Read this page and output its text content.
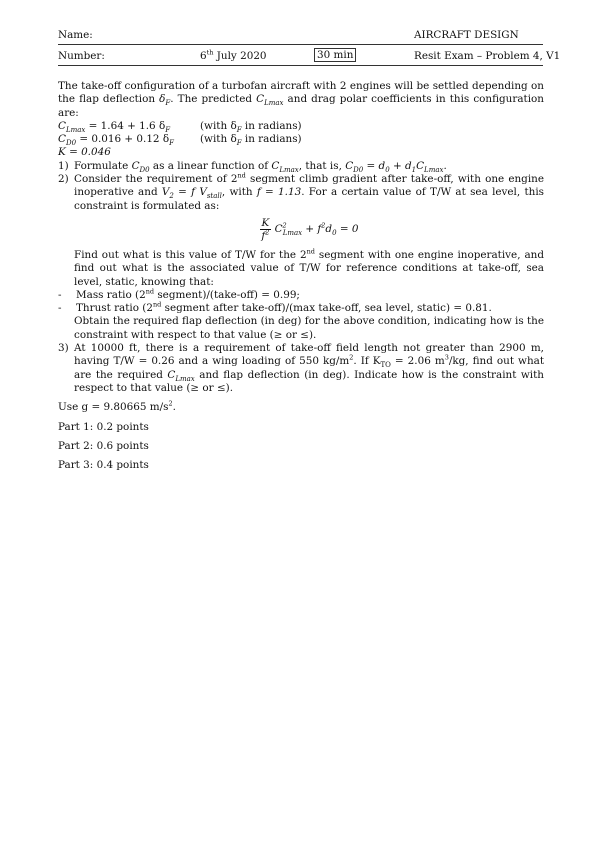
Name:	AIRCRAFT DESIGN
Number:	6th July 2020	30 min	Resit Exam – Problem 4, V1

The take-off configuration of a turbofan aircraft with 2 engines will be settled depending on the flap deflection $\delta_F$. The predicted $C_{Lmax}$ and drag polar coefficients in this configuration are:

$C_{Lmax} = 1.64 + 1.6$ $\delta_F$	(with $\delta_F$ in radians)
$C_{D0} = 0.016 + 0.12$ $\delta_F$	(with $\delta_F$ in radians)
K = 0.046
1) Formulate $C_{D0}$ as a linear function of $C_{Lmax}$, that is, $C_{D0} = d_0 + d_1C_{Lmax}$.
2) Consider the requirement of 2nd segment climb gradient after take-off, with one engine inoperative and $V_2 = f$ $V_{stall}$, with f = 1.13. For a certain value of T/W at sea level, this constraint is formulated as:

$\frac{K}{f^2} C^2_{Lmax} + f^2d_0 = 0$

Find out what is this value of T/W for the 2nd segment with one engine inoperative, and find out what is the associated value of T/W for reference conditions at take-off, sea level, static, knowing that:

-	Mass ratio (2nd segment)/(take-off) = 0.99;
-	Thrust ratio (2nd segment after take-off)/(max take-off, sea level, static) = 0.81.

Obtain the required flap deflection (in deg) for the above condition, indicating how is the constraint with respect to that value (≥ or ≤).

3) At 10000 ft, there is a requirement of take-off field length not greater than 2900 m, having T/W = 0.26 and a wing loading of 550 $kg/m^2$. If $K_{TO} = 2.06$ $m^3/kg$, find out what are the required $C_{Lmax}$ and flap deflection (in deg). Indicate how is the constraint with respect to that value (≥ or ≤).

Use g = 9.80665 $m/s^2$.

Part 1: 0.2 points

Part 2: 0.6 points

Part 3: 0.4 points
